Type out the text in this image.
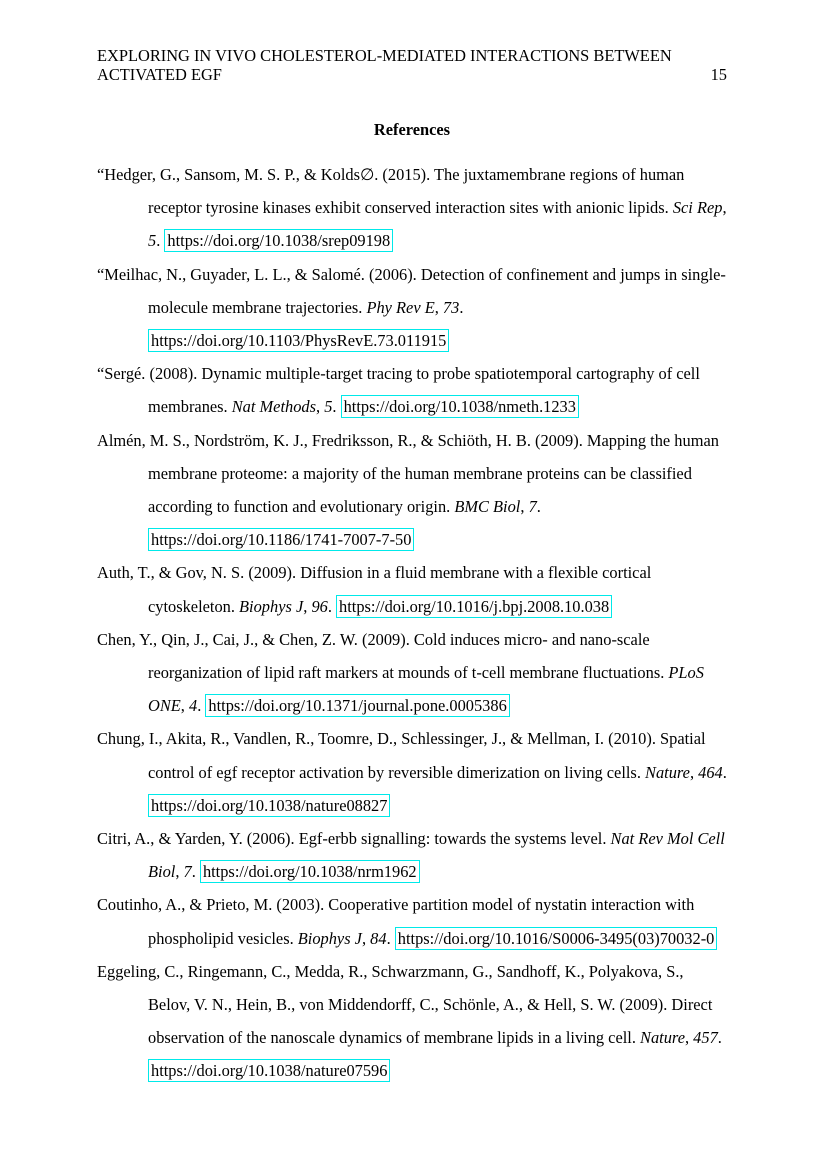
EXPLORING IN VIVO CHOLESTEROL-MEDIATED INTERACTIONS BETWEEN
ACTIVATED EGF	15
References

“Hedger, G., Sansom, M. S. P., & Kolds∅. (2015). The juxtamembrane regions of human receptor tyrosine kinases exhibit conserved interaction sites with anionic lipids. Sci Rep, 5. https://doi.org/10.1038/srep09198

“Meilhac, N., Guyader, L. L., & Salomé. (2006). Detection of confinement and jumps in single-molecule membrane trajectories. Phy Rev E, 73. https://doi.org/10.1103/PhysRevE.73.011915

“Sergé. (2008). Dynamic multiple-target tracing to probe spatiotemporal cartography of cell membranes. Nat Methods, 5. https://doi.org/10.1038/nmeth.1233

Almén, M. S., Nordström, K. J., Fredriksson, R., & Schiöth, H. B. (2009). Mapping the human membrane proteome: a majority of the human membrane proteins can be classified according to function and evolutionary origin. BMC Biol, 7. https://doi.org/10.1186/1741-7007-7-50

Auth, T., & Gov, N. S. (2009). Diffusion in a fluid membrane with a flexible cortical cytoskeleton. Biophys J, 96. https://doi.org/10.1016/j.bpj.2008.10.038

Chen, Y., Qin, J., Cai, J., & Chen, Z. W. (2009). Cold induces micro- and nano-scale reorganization of lipid raft markers at mounds of t-cell membrane fluctuations. PLoS ONE, 4. https://doi.org/10.1371/journal.pone.0005386

Chung, I., Akita, R., Vandlen, R., Toomre, D., Schlessinger, J., & Mellman, I. (2010). Spatial control of egf receptor activation by reversible dimerization on living cells. Nature, 464. https://doi.org/10.1038/nature08827

Citri, A., & Yarden, Y. (2006). Egf-erbb signalling: towards the systems level. Nat Rev Mol Cell Biol, 7. https://doi.org/10.1038/nrm1962

Coutinho, A., & Prieto, M. (2003). Cooperative partition model of nystatin interaction with phospholipid vesicles. Biophys J, 84. https://doi.org/10.1016/S0006-3495(03)70032-0

Eggeling, C., Ringemann, C., Medda, R., Schwarzmann, G., Sandhoff, K., Polyakova, S., Belov, V. N., Hein, B., von Middendorff, C., Schönle, A., & Hell, S. W. (2009). Direct observation of the nanoscale dynamics of membrane lipids in a living cell. Nature, 457. https://doi.org/10.1038/nature07596
